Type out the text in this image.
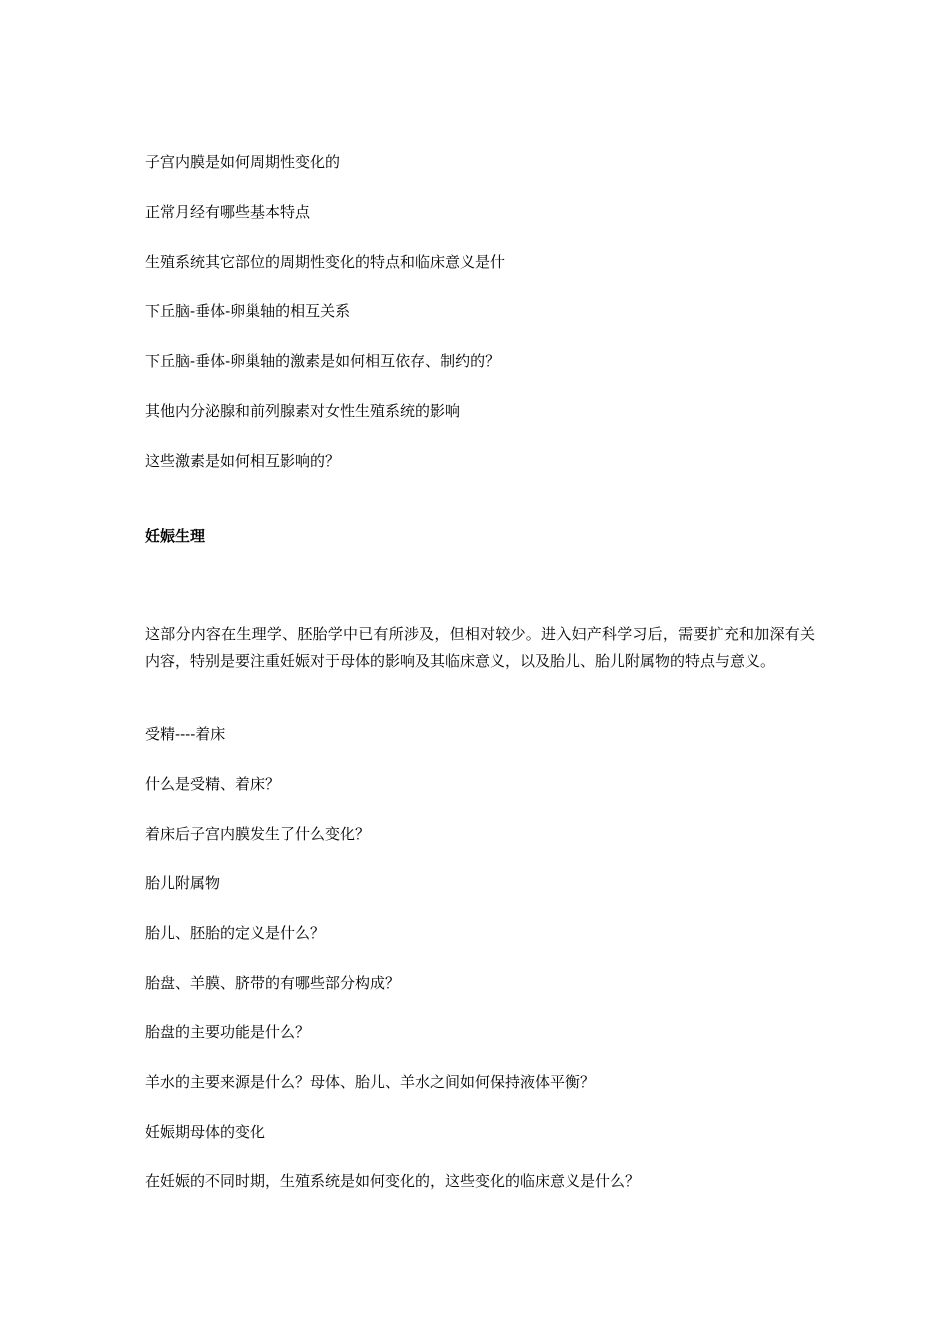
子宫内膜是如何周期性变化的

正常月经有哪些基本特点

生殖系统其它部位的周期性变化的特点和临床意义是什

下丘脑-垂体-卵巢轴的相互关系

下丘脑-垂体-卵巢轴的激素是如何相互依存、制约的？

其他内分泌腺和前列腺素对女性生殖系统的影响

这些激素是如何相互影响的？

妊娠生理

这部分内容在生理学、胚胎学中已有所涉及，但相对较少。进入妇产科学习后，需要扩充和加深有关内容，特别是要注重妊娠对于母体的影响及其临床意义，以及胎儿、胎儿附属物的特点与意义。

受精----着床

什么是受精、着床？

着床后子宫内膜发生了什么变化？

胎儿附属物

胎儿、胚胎的定义是什么？

胎盘、羊膜、脐带的有哪些部分构成？

胎盘的主要功能是什么？

羊水的主要来源是什么？母体、胎儿、羊水之间如何保持液体平衡？

妊娠期母体的变化

在妊娠的不同时期，生殖系统是如何变化的，这些变化的临床意义是什么？
